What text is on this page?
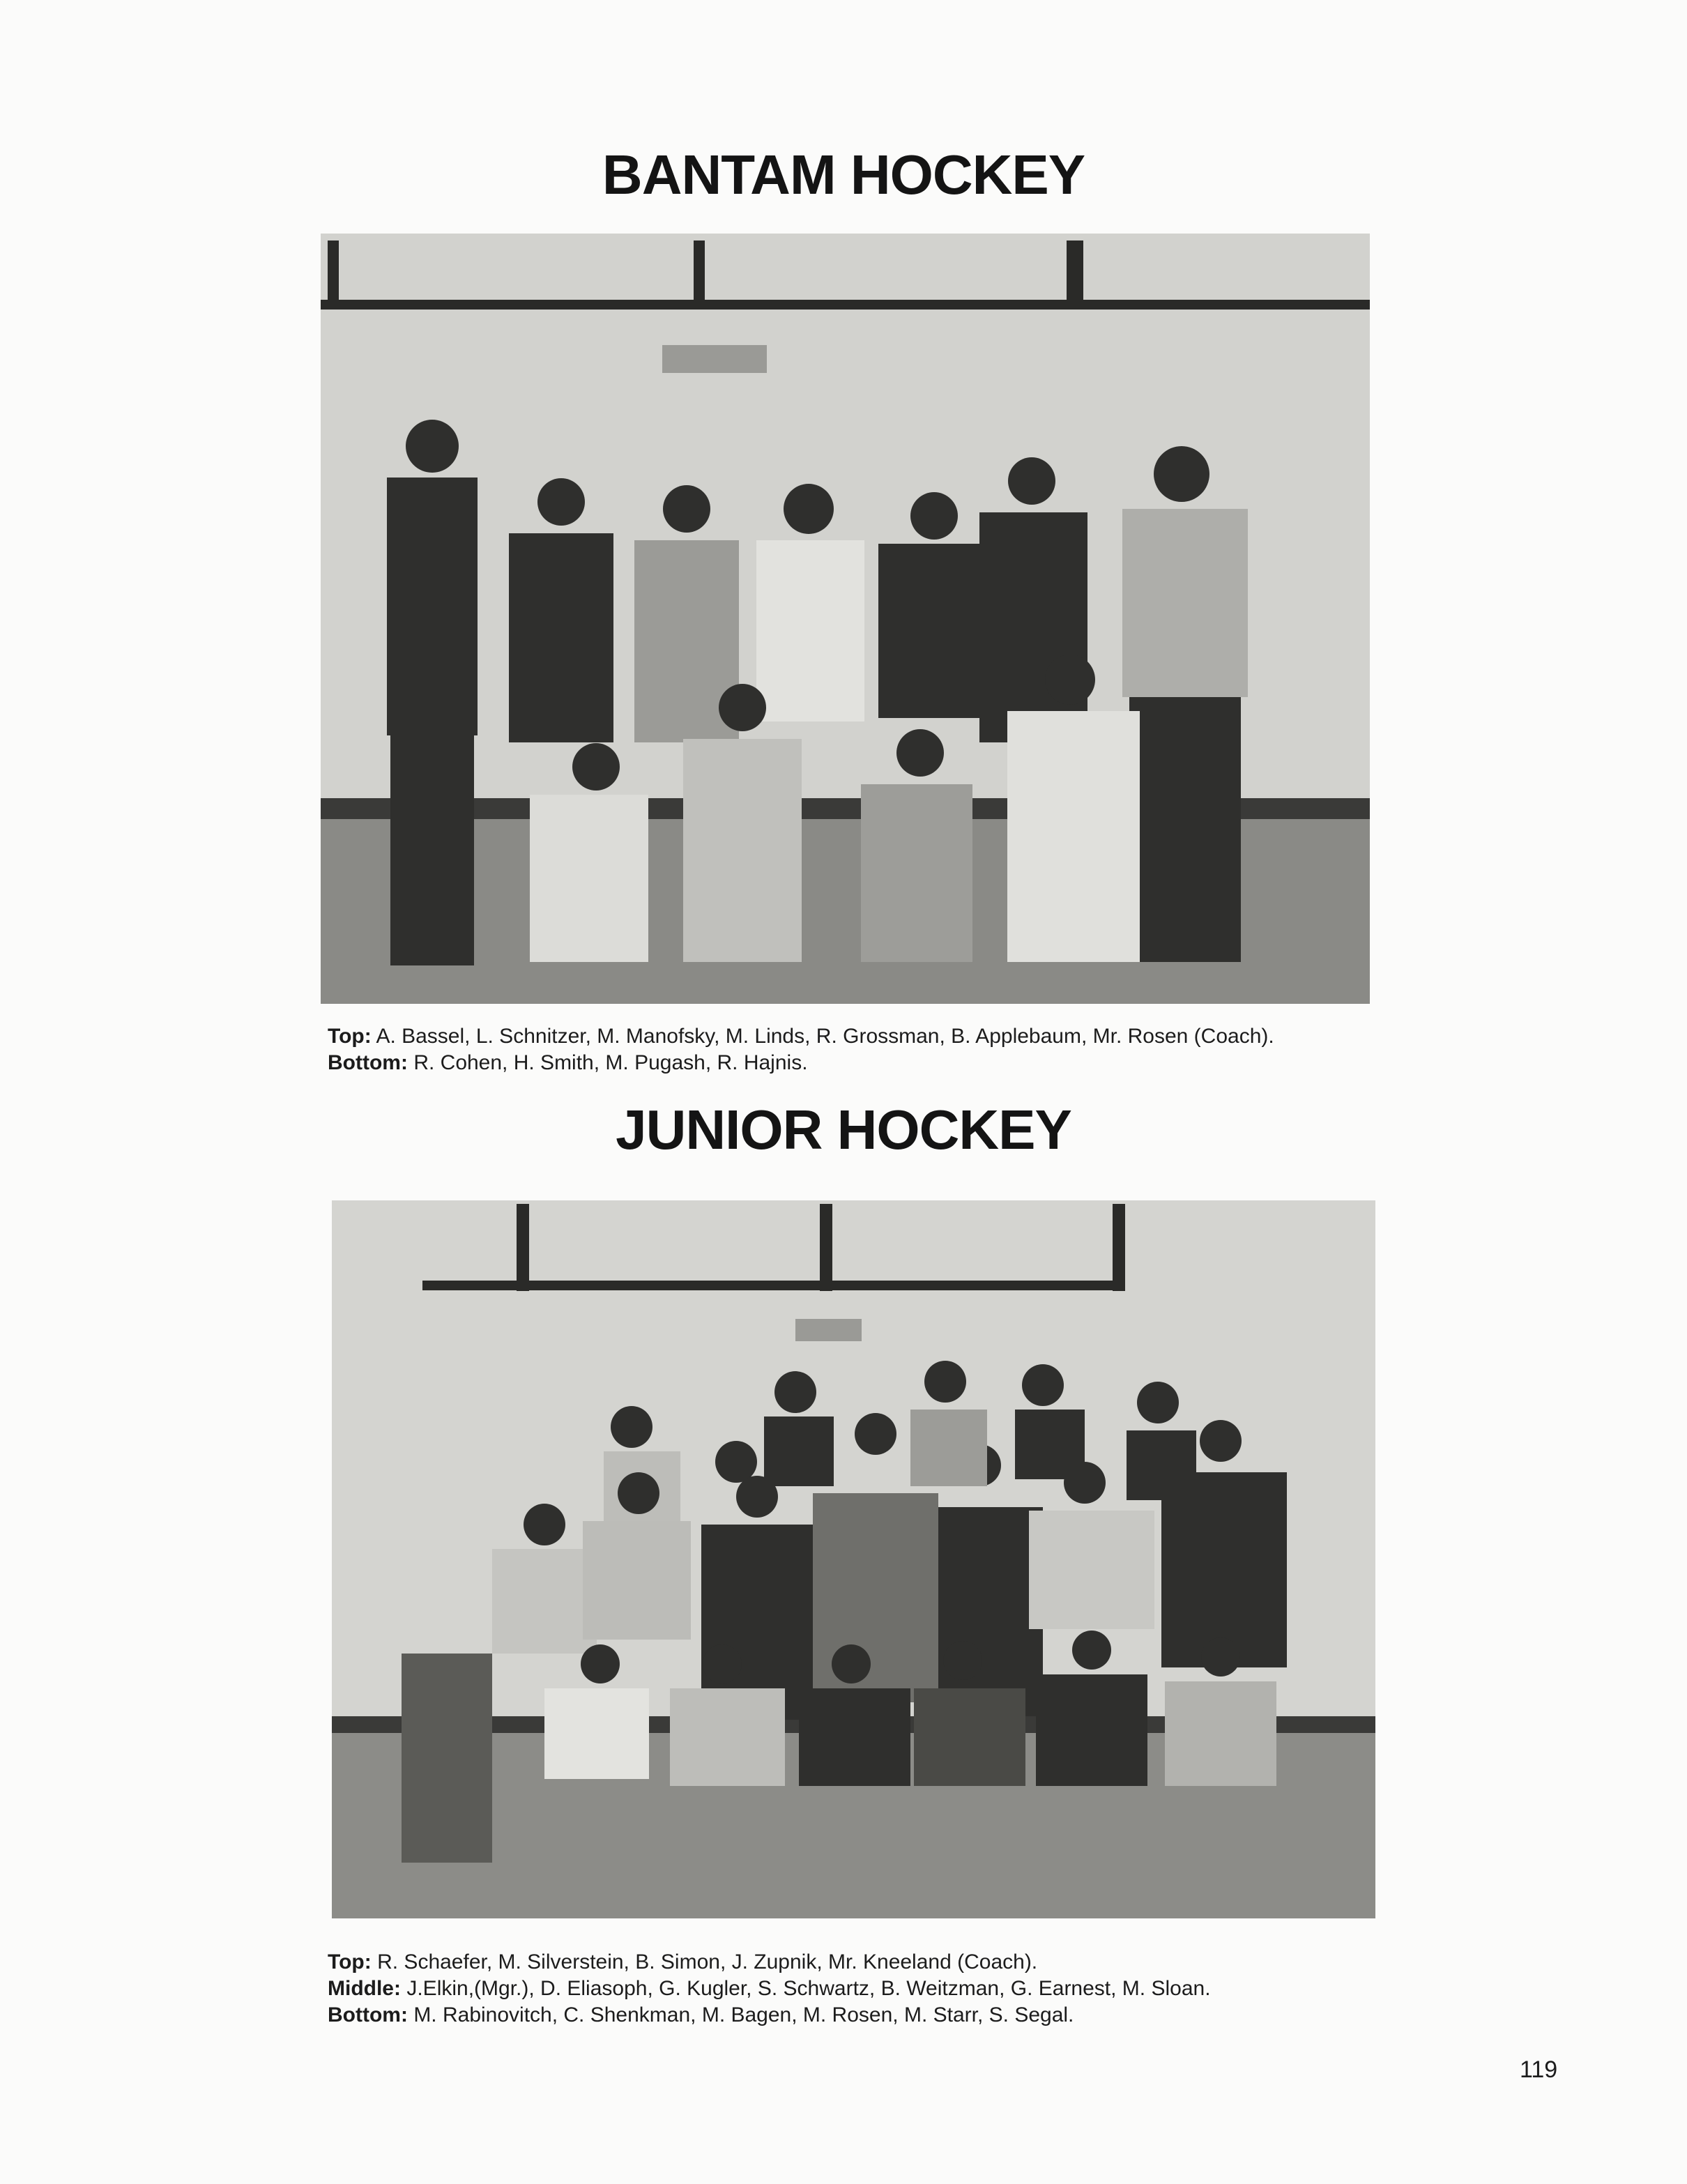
BANTAM HOCKEY
Top: A. Bassel, L. Schnitzer, M. Manofsky, M. Linds, R. Grossman, B. Applebaum, Mr. Rosen (Coach).
Bottom: R. Cohen, H. Smith, M. Pugash, R. Hajnis.
JUNIOR HOCKEY
Top: R. Schaefer, M. Silverstein, B. Simon, J. Zupnik, Mr. Kneeland (Coach).
Middle: J.Elkin,(Mgr.), D. Eliasoph, G. Kugler, S. Schwartz, B. Weitzman, G. Earnest, M. Sloan.
Bottom: M. Rabinovitch, C. Shenkman, M. Bagen, M. Rosen, M. Starr, S. Segal.
119
